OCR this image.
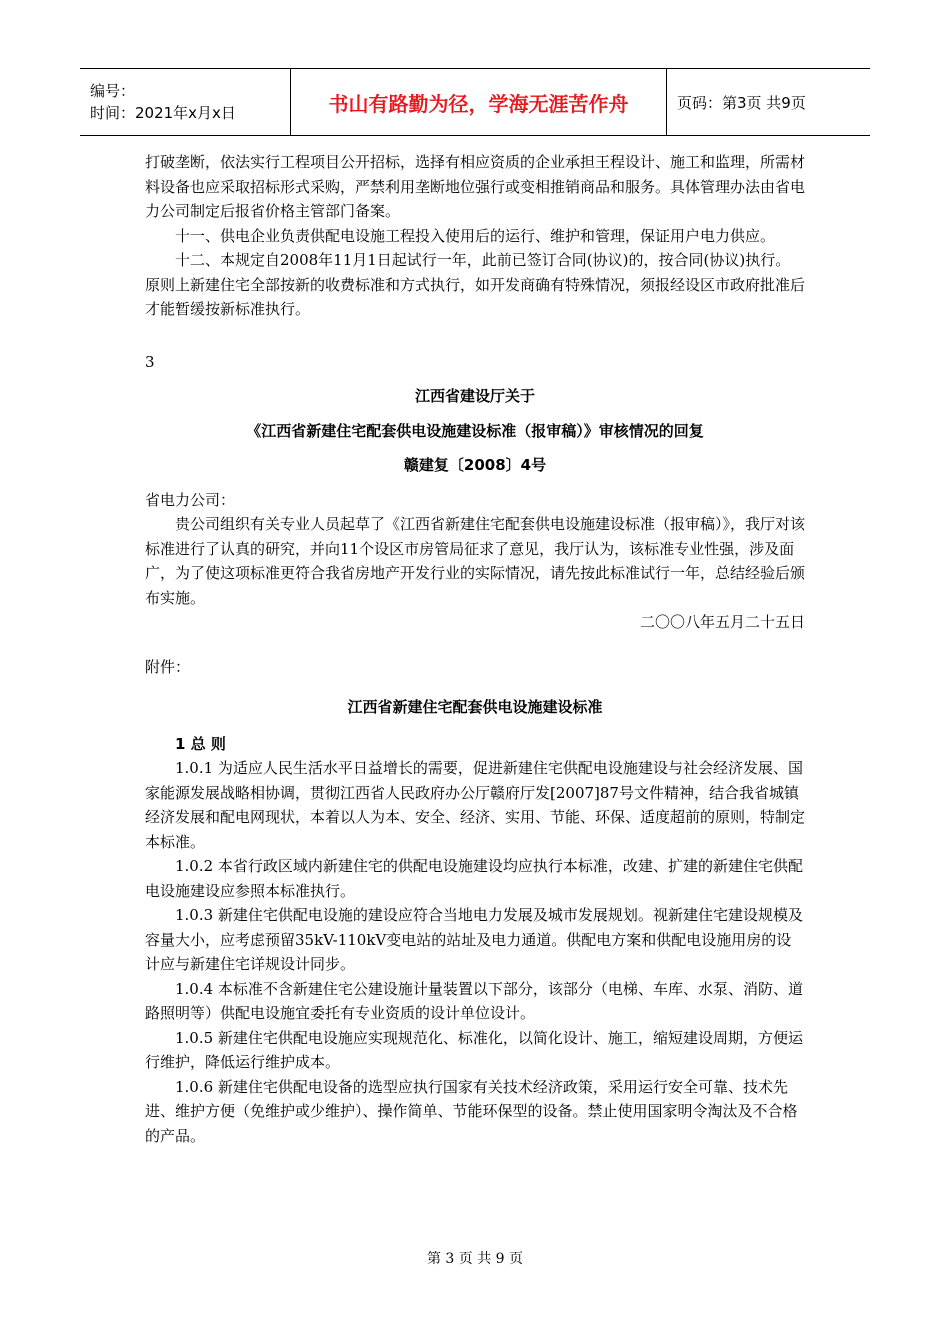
编号：
时间：2021年x月x日	书山有路勤为径，学海无涯苦作舟	页码：第3页 共9页

打破垄断，依法实行工程项目公开招标，选择有相应资质的企业承担王程设计、施工和监理，所需材料设备也应采取招标形式采购，严禁利用垄断地位强行或变相推销商品和服务。具体管理办法由省电力公司制定后报省价格主管部门备案。

十一、供电企业负责供配电设施工程投入使用后的运行、维护和管理，保证用户电力供应。

十二、本规定自2008年11月1日起试行一年，此前已签订合同(协议)的，按合同(协议)执行。原则上新建住宅全部按新的收费标准和方式执行，如开发商确有特殊情况，须报经设区市政府批准后才能暂缓按新标准执行。

3

江西省建设厅关于

《江西省新建住宅配套供电设施建设标准（报审稿）》审核情况的回复

赣建复〔2008〕4号

省电力公司：

贵公司组织有关专业人员起草了《江西省新建住宅配套供电设施建设标准（报审稿）》，我厅对该标准进行了认真的研究，并向11个设区市房管局征求了意见，我厅认为，该标准专业性强，涉及面广，为了使这项标准更符合我省房地产开发行业的实际情况，请先按此标准试行一年，总结经验后颁布实施。

二〇〇八年五月二十五日

附件：

江西省新建住宅配套供电设施建设标准

1 总 则

1.0.1 为适应人民生活水平日益增长的需要，促进新建住宅供配电设施建设与社会经济发展、国家能源发展战略相协调，贯彻江西省人民政府办公厅赣府厅发[2007]87号文件精神，结合我省城镇经济发展和配电网现状，本着以人为本、安全、经济、实用、节能、环保、适度超前的原则，特制定本标准。

1.0.2 本省行政区域内新建住宅的供配电设施建设均应执行本标准，改建、扩建的新建住宅供配电设施建设应参照本标准执行。

1.0.3 新建住宅供配电设施的建设应符合当地电力发展及城市发展规划。视新建住宅建设规模及容量大小，应考虑预留35kV-110kV变电站的站址及电力通道。供配电方案和供配电设施用房的设计应与新建住宅详规设计同步。

1.0.4 本标准不含新建住宅公建设施计量装置以下部分，该部分（电梯、车库、水泵、消防、道路照明等）供配电设施宜委托有专业资质的设计单位设计。

1.0.5 新建住宅供配电设施应实现规范化、标准化，以简化设计、施工，缩短建设周期，方便运行维护，降低运行维护成本。

1.0.6 新建住宅供配电设备的选型应执行国家有关技术经济政策，采用运行安全可靠、技术先进、维护方便（免维护或少维护）、操作简单、节能环保型的设备。禁止使用国家明令淘汰及不合格的产品。

第 3 页 共 9 页
